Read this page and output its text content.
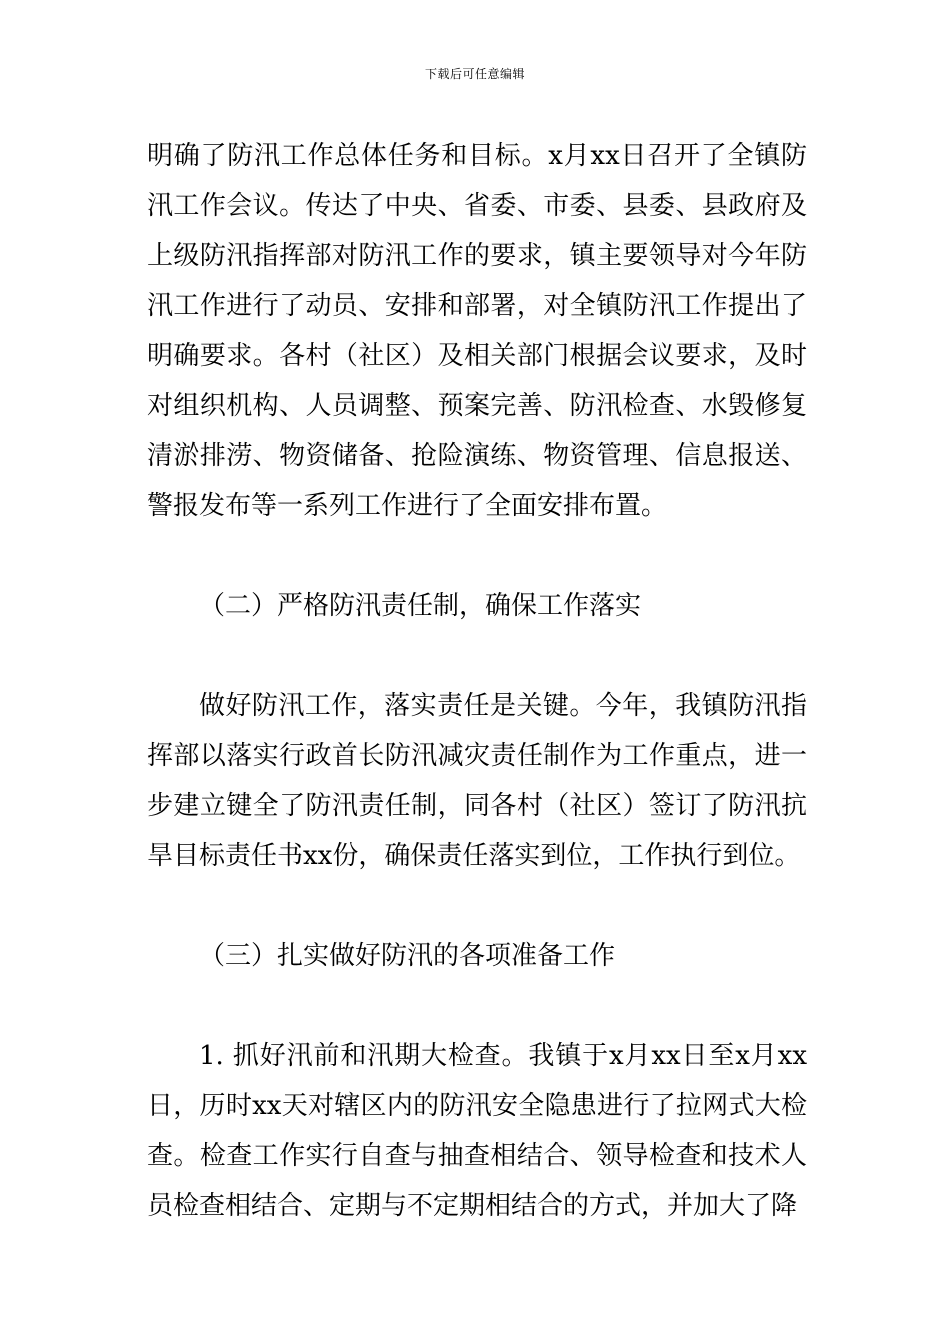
下载后可任意编辑

明确了防汛工作总体任务和目标。x月xx日召开了全镇防汛工作会议。传达了中央、省委、市委、县委、县政府及上级防汛指挥部对防汛工作的要求，镇主要领导对今年防汛工作进行了动员、安排和部署，对全镇防汛工作提出了明确要求。各村（社区）及相关部门根据会议要求，及时对组织机构、人员调整、预案完善、防汛检查、水毁修复清淤排涝、物资储备、抢险演练、物资管理、信息报送、警报发布等一系列工作进行了全面安排布置。

（二）严格防汛责任制，确保工作落实

做好防汛工作，落实责任是关键。今年，我镇防汛指挥部以落实行政首长防汛减灾责任制作为工作重点，进一步建立键全了防汛责任制，同各村（社区）签订了防汛抗旱目标责任书xx份，确保责任落实到位，工作执行到位。

（三）扎实做好防汛的各项准备工作

1. 抓好汛前和汛期大检查。我镇于x月xx日至x月xx日，历时xx天对辖区内的防汛安全隐患进行了拉网式大检查。检查工作实行自查与抽查相结合、领导检查和技术人员检查相结合、定期与不定期相结合的方式，并加大了降
